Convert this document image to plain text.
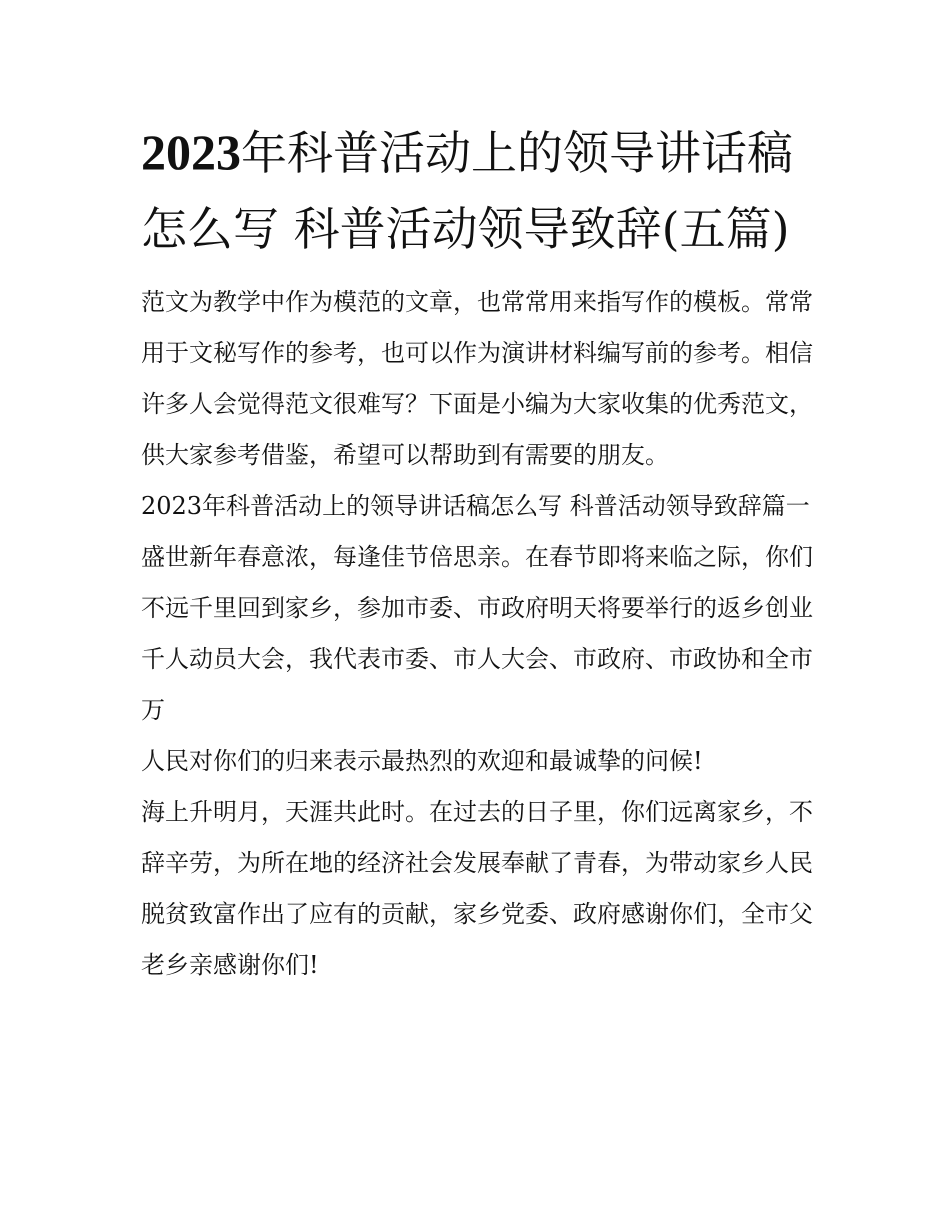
2023年科普活动上的领导讲话稿怎么写 科普活动领导致辞(五篇)

范文为教学中作为模范的文章，也常常用来指写作的模板。常常用于文秘写作的参考，也可以作为演讲材料编写前的参考。相信许多人会觉得范文很难写？下面是小编为大家收集的优秀范文，供大家参考借鉴，希望可以帮助到有需要的朋友。

2023年科普活动上的领导讲话稿怎么写 科普活动领导致辞篇一

盛世新年春意浓，每逢佳节倍思亲。在春节即将来临之际，你们不远千里回到家乡，参加市委、市政府明天将要举行的返乡创业千人动员大会，我代表市委、市人大会、市政府、市政协和全市万

人民对你们的归来表示最热烈的欢迎和最诚挚的问候!

海上升明月，天涯共此时。在过去的日子里，你们远离家乡，不辞辛劳，为所在地的经济社会发展奉献了青春，为带动家乡人民脱贫致富作出了应有的贡献，家乡党委、政府感谢你们，全市父老乡亲感谢你们!
